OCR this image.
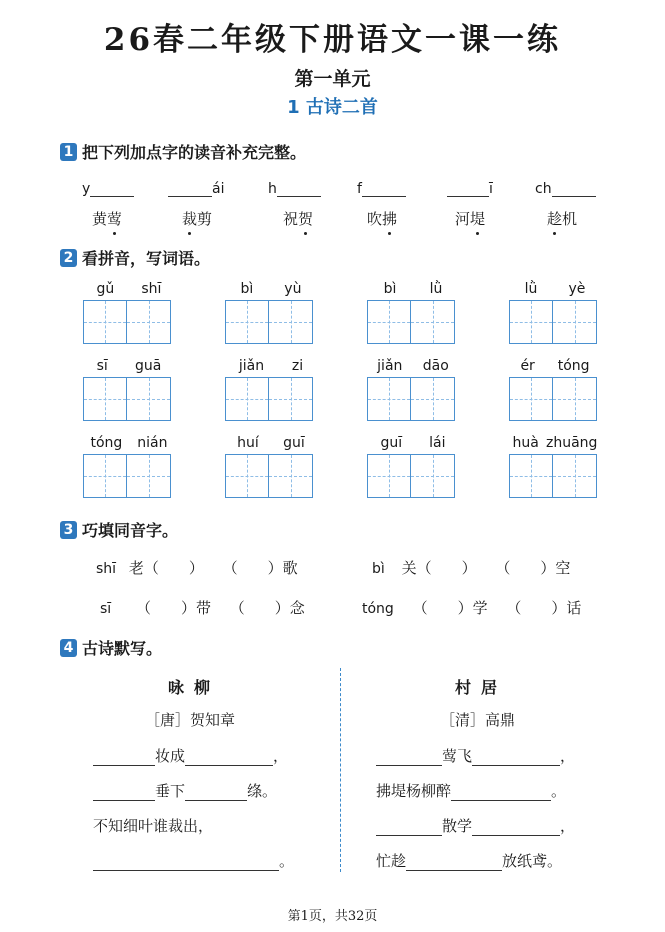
26春二年级下册语文一课一练
第一单元
1 古诗二首
1 把下列加点字的读音补充完整。
y	ái	h	f	ī	ch
黄莺	裁剪	祝贺	吹拂	河堤	趁机
2 看拼音，写词语。
gǔ shī	bì yù	bì lǜ	lǜ yè
sī guā	jiǎn zi	jiǎn dāo	ér tóng
tóng nián	huí guī	guī lái	huà zhuāng
3 巧填同音字。
shī 老（　　） （　　）歌	bì 关（　　） （　　）空
sī （　　）带 （　　）念	tóng （　　）学 （　　）话
4 古诗默写。
咏柳
［唐］贺知章
妆成	，
垂下	绦。
不知细叶谁裁出，
。
村居
［清］高鼎
莺飞	，
拂堤杨柳醉	。
散学	，
忙趁	放纸鸢。
第1页，共32页
